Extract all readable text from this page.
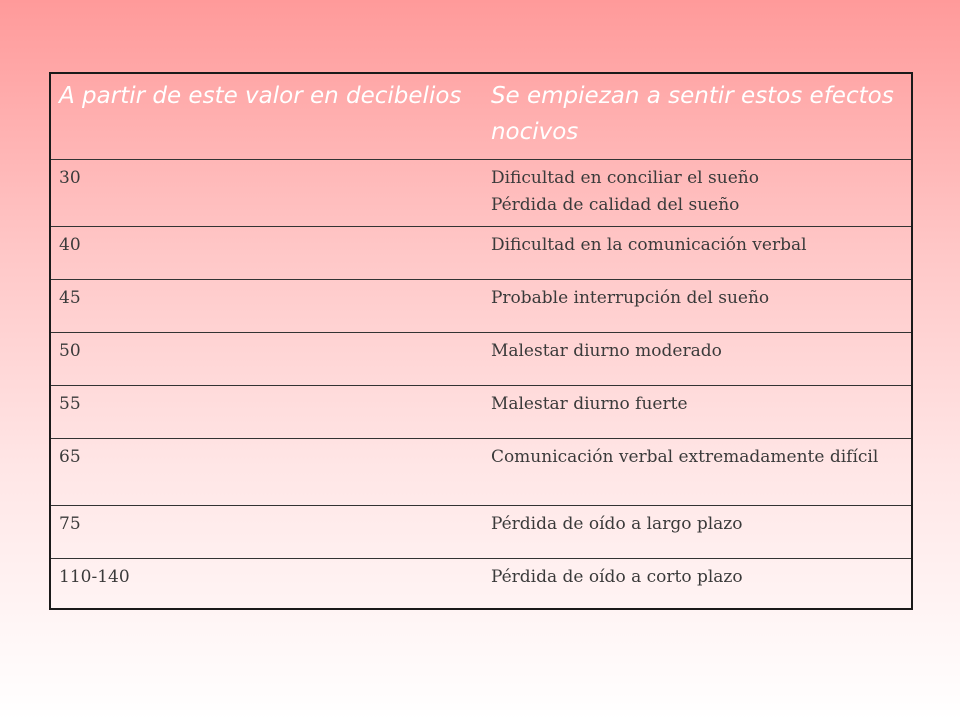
A partir de este valor en decibelios	Se empiezan a sentir estos efectos nocivos
30	Dificultad en conciliar el sueño
Pérdida de calidad del sueño

40	Dificultad en la comunicación verbal

45	Probable interrupción del sueño

50	Malestar diurno moderado

55	Malestar diurno fuerte

65	Comunicación verbal extremadamente difícil

75	Pérdida de oído a largo plazo

110-140	Pérdida de oído a corto plazo
